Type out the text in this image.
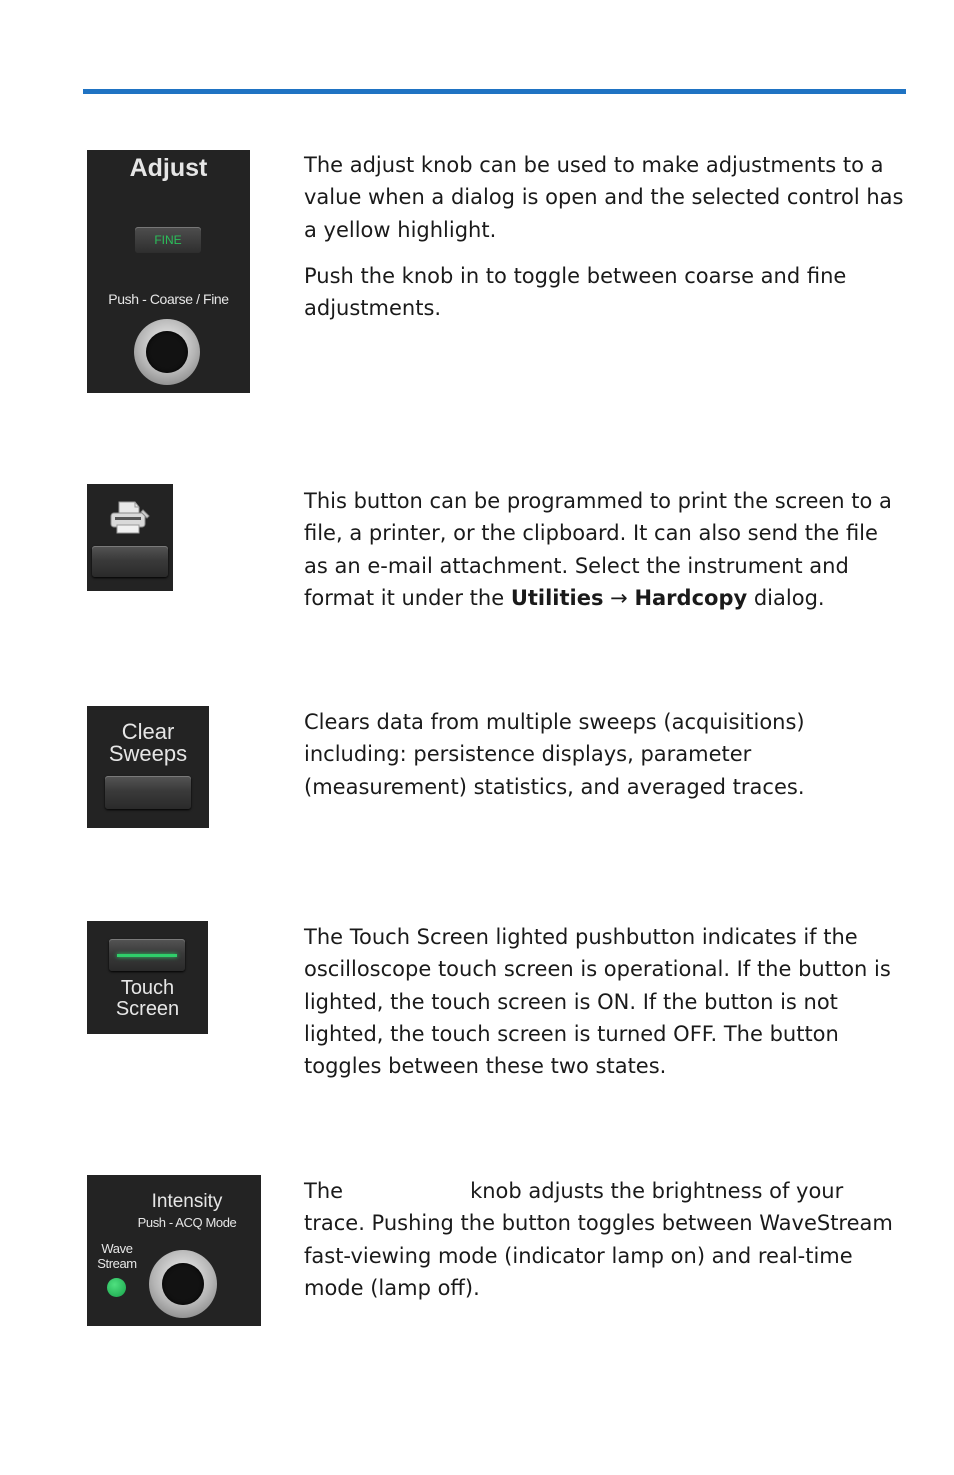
Adjust
FINE
Push - Coarse / Fine

The adjust knob can be used to make adjustments to a value when a dialog is open and the selected control has a yellow highlight.

Push the knob in to toggle between coarse and fine adjustments.

This button can be programmed to print the screen to a file, a printer, or the clipboard. It can also send the file as an e-mail attachment. Select the instrument and format it under the Utilities → Hardcopy dialog.

Clear
Sweeps

Clears data from multiple sweeps (acquisitions) including: persistence displays, parameter (measurement) statistics, and averaged traces.

Touch
Screen

The Touch Screen lighted pushbutton indicates if the oscilloscope touch screen is operational. If the button is lighted, the touch screen is ON. If the button is not lighted, the touch screen is turned OFF. The button toggles between these two states.

Intensity
Push - ACQ Mode
Wave
Stream

The	knob adjusts the brightness of your trace. Pushing the button toggles between WaveStream fast-viewing mode (indicator lamp on) and real-time mode (lamp off).
